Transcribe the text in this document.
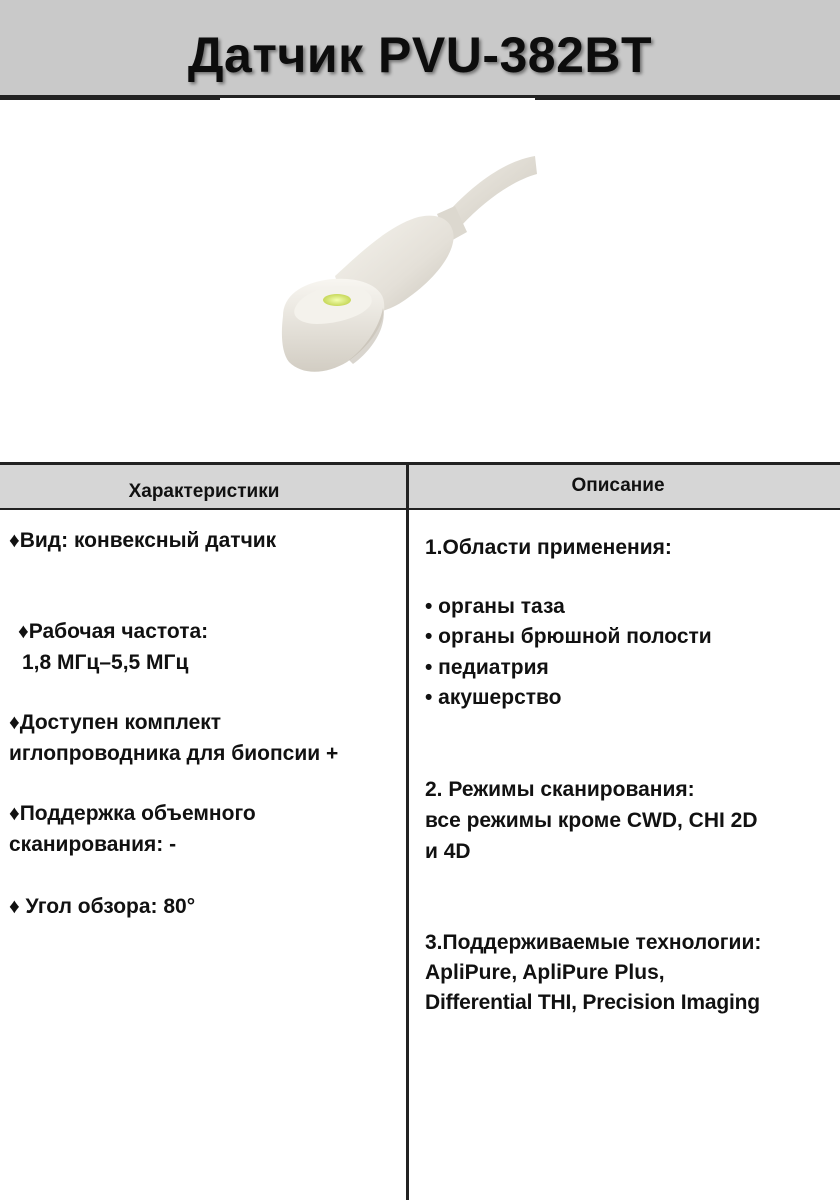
Датчик PVU-382BT
Характеристики	Описание
♦Вид: конвексный датчик
♦Рабочая частота:
1,8 МГц–5,5 МГц
♦Доступен комплект
иглопроводника для биопсии +
♦Поддержка объемного
сканирования: -
♦ Угол обзора: 80°
1.Области применения:
• органы таза
• органы брюшной полости
• педиатрия
• акушерство
2. Режимы сканирования:
все режимы кроме CWD, CHI 2D
и 4D
3.Поддерживаемые технологии:
ApliPure, ApliPure Plus,
Differential THI, Precision Imaging
